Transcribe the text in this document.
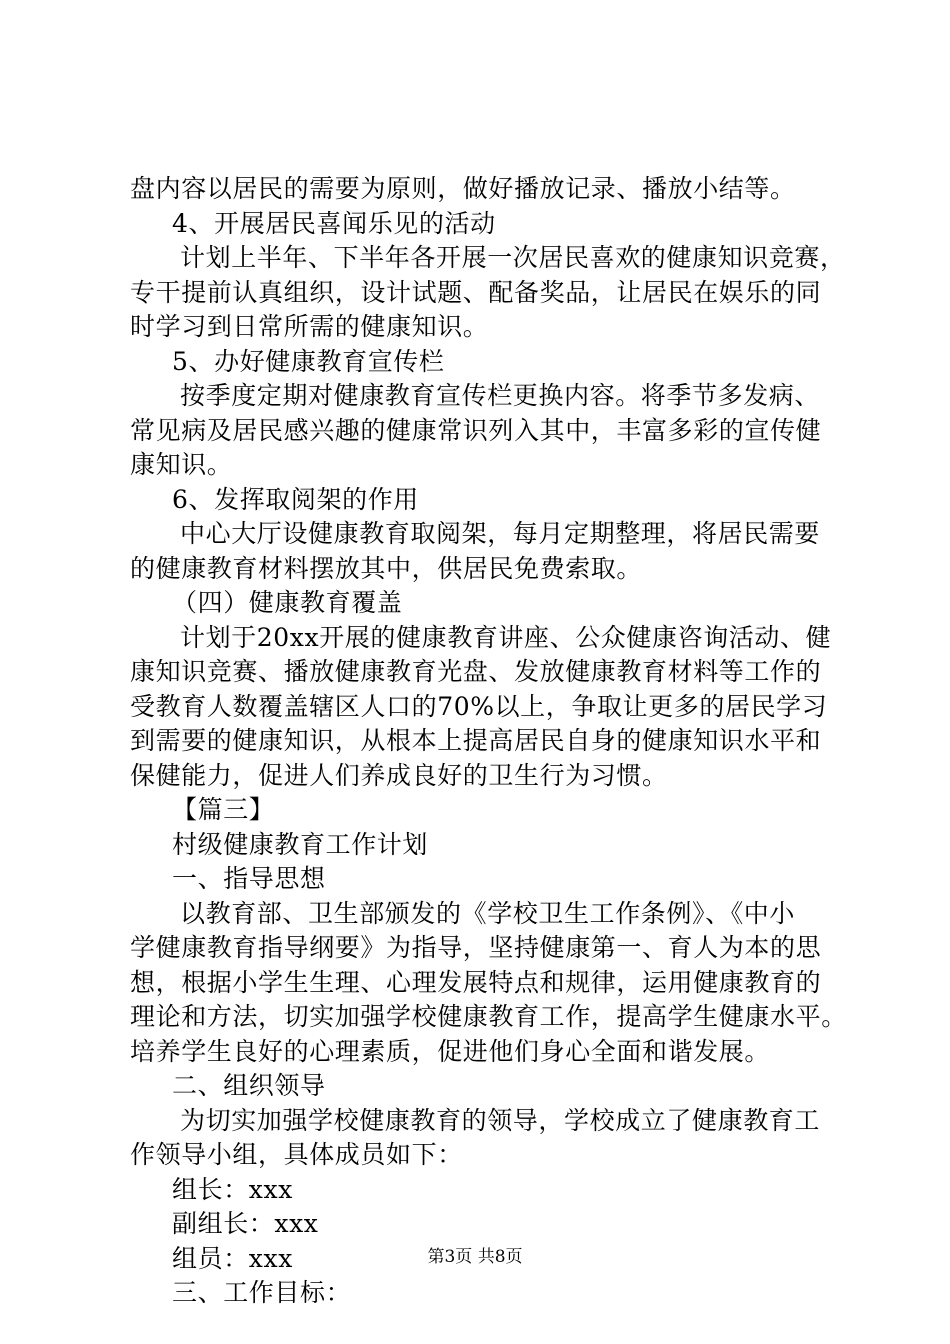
盘内容以居民的需要为原则，做好播放记录、播放小结等。
4、开展居民喜闻乐见的活动
计划上半年、下半年各开展一次居民喜欢的健康知识竞赛，
专干提前认真组织，设计试题、配备奖品，让居民在娱乐的同
时学习到日常所需的健康知识。
5、办好健康教育宣传栏
按季度定期对健康教育宣传栏更换内容。将季节多发病、
常见病及居民感兴趣的健康常识列入其中，丰富多彩的宣传健
康知识。
6、发挥取阅架的作用
中心大厅设健康教育取阅架，每月定期整理，将居民需要
的健康教育材料摆放其中，供居民免费索取。
（四）健康教育覆盖
计划于20xx开展的健康教育讲座、公众健康咨询活动、健
康知识竞赛、播放健康教育光盘、发放健康教育材料等工作的
受教育人数覆盖辖区人口的70%以上，争取让更多的居民学习
到需要的健康知识，从根本上提高居民自身的健康知识水平和
保健能力，促进人们养成良好的卫生行为习惯。
【篇三】
村级健康教育工作计划
一、指导思想
以教育部、卫生部颁发的《学校卫生工作条例》、《中小
学健康教育指导纲要》为指导，坚持健康第一、育人为本的思
想，根据小学生生理、心理发展特点和规律，运用健康教育的
理论和方法，切实加强学校健康教育工作，提高学生健康水平。
培养学生良好的心理素质，促进他们身心全面和谐发展。
二、组织领导
为切实加强学校健康教育的领导，学校成立了健康教育工
作领导小组，具体成员如下：
组长：xxx
副组长：xxx
组员：xxx
三、工作目标：
第3页 共8页
